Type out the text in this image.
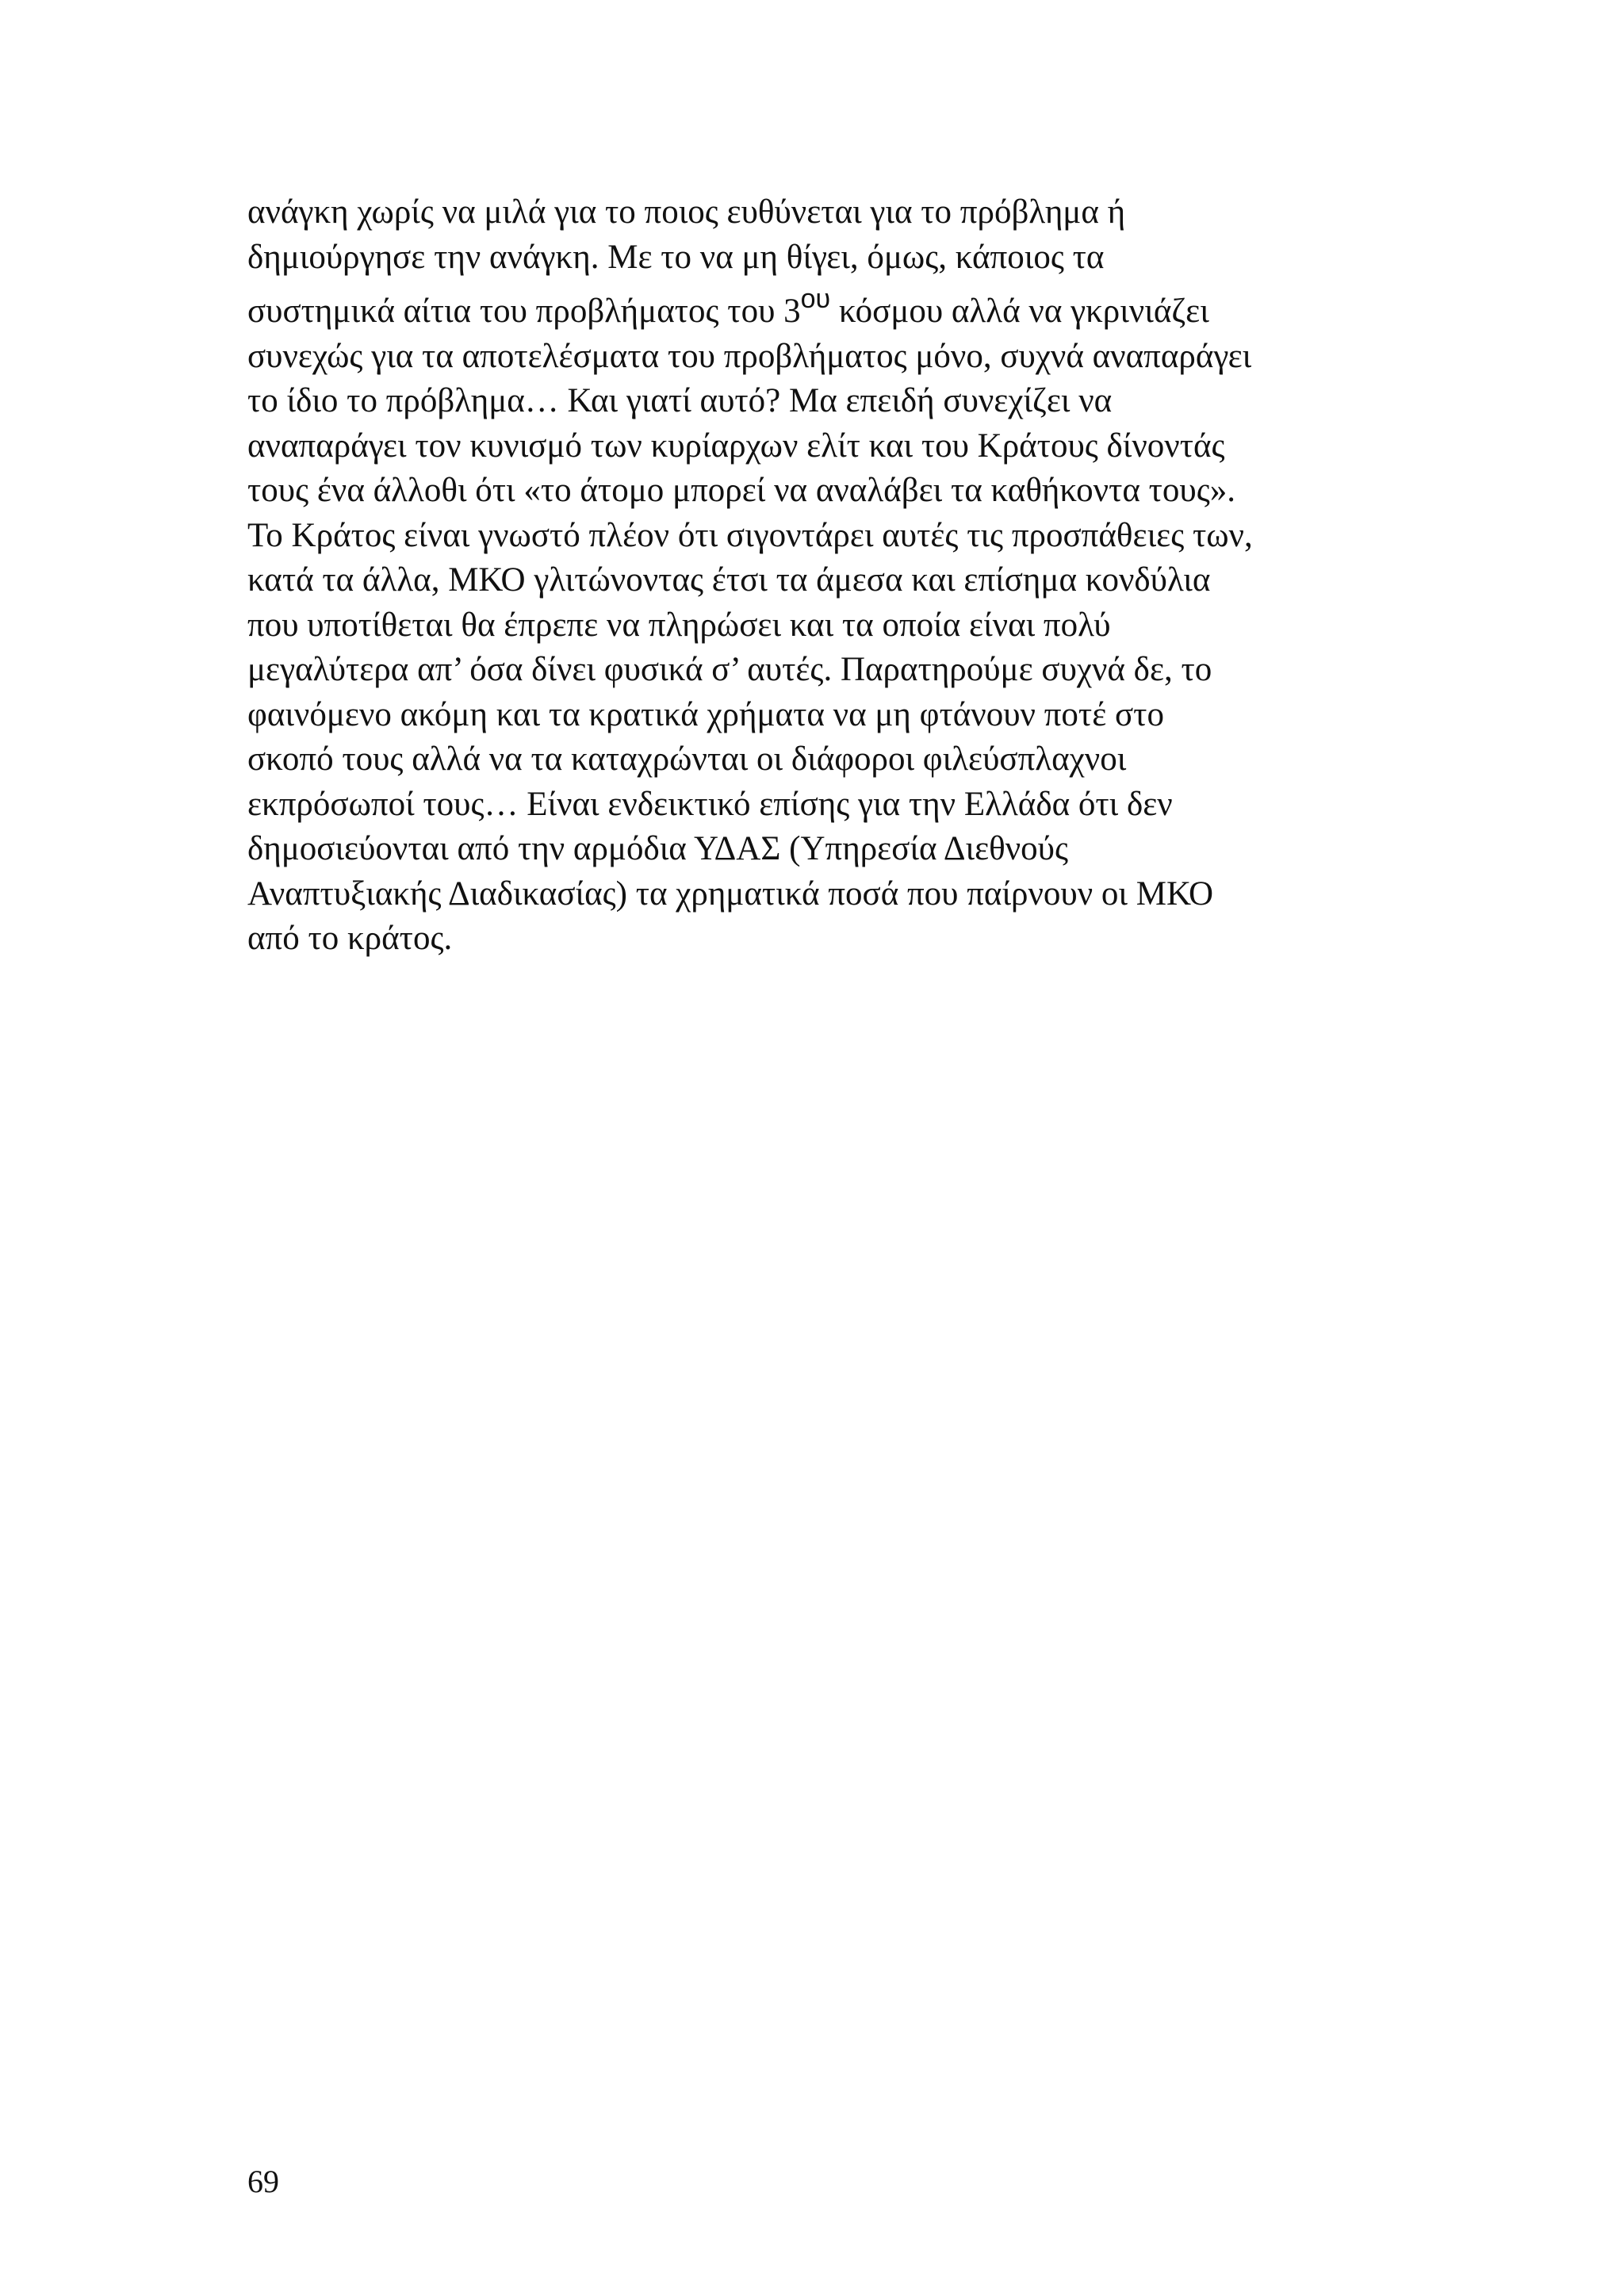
ανάγκη χωρίς να μιλά για το ποιος ευθύνεται για το πρόβλημα ή
δημιούργησε την ανάγκη. Με το να μη θίγει, όμως, κάποιος τα
συστημικά αίτια του προβλήματος του $3^{o\upsilon}$ κόσμου αλλά να γκρινιάζει
συνεχώς για τα αποτελέσματα του προβλήματος μόνο, συχνά αναπαράγει
το ίδιο το πρόβλημα… Και γιατί αυτό? Μα επειδή συνεχίζει να
αναπαράγει τον κυνισμό των κυρίαρχων ελίτ και του Κράτους δίνοντάς
τους ένα άλλοθι ότι «το άτομο μπορεί να αναλάβει τα καθήκοντα τους».
Το Κράτος είναι γνωστό πλέον ότι σιγοντάρει αυτές τις προσπάθειες των,
κατά τα άλλα, ΜΚΟ γλιτώνοντας έτσι τα άμεσα και επίσημα κονδύλια
που υποτίθεται θα έπρεπε να πληρώσει και τα οποία είναι πολύ
μεγαλύτερα απ’ όσα δίνει φυσικά σ’ αυτές. Παρατηρούμε συχνά δε, το
φαινόμενο ακόμη και τα κρατικά χρήματα να μη φτάνουν ποτέ στο
σκοπό τους αλλά να τα καταχρώνται οι διάφοροι φιλεύσπλαχνοι
εκπρόσωποί τους… Είναι ενδεικτικό επίσης για την Ελλάδα ότι δεν
δημοσιεύονται από την αρμόδια ΥΔΑΣ (Υπηρεσία Διεθνούς
Αναπτυξιακής Διαδικασίας) τα χρηματικά ποσά που παίρνουν οι ΜΚΟ
από το κράτος.
69
